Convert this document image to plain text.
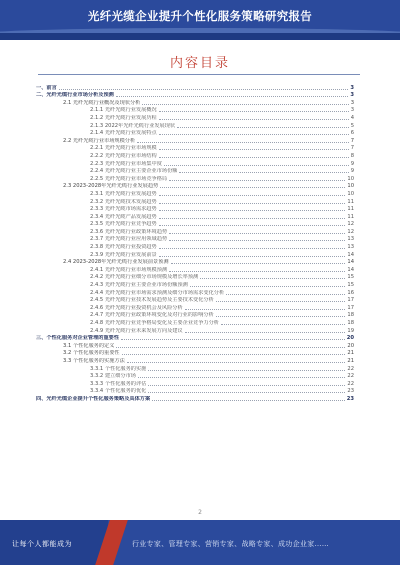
光纤光缆企业提升个性化服务策略研究报告
内容目录
一、前言	3
二、光纤光缆行业市场分析及预测	3
2.1 光纤光缆行业概况及现状分析	3
2.1.1 光纤光缆行业发展概况	3
2.1.2 光纤光缆行业发展历程	4
2.1.3 2022年光纤光缆行业发展现状	5
2.1.4 光纤光缆行业发展特点	6
2.2 光纤光缆行业市场规模分析	7
2.2.1 光纤光缆行业市场规模	7
2.2.2 光纤光缆行业市场结构	8
2.2.3 光纤光缆行业市场集中度	9
2.2.4 光纤光缆行业主要企业市场份额	9
2.2.5 光纤光缆行业市场竞争格局	10
2.3 2023-2028年光纤光缆行业发展趋势	10
2.3.1 光纤光缆行业发展趋势	10
2.3.2 光纤光缆技术发展趋势	11
2.3.3 光纤光缆市场需求趋势	11
2.3.4 光纤光缆产品发展趋势	11
2.3.5 光纤光缆行业竞争趋势	12
2.3.6 光纤光缆行业政策环境趋势	12
2.3.7 光纤光缆行业应用领域趋势	13
2.3.8 光纤光缆行业投资趋势	13
2.3.9 光纤光缆行业发展前景	14
2.4 2023-2028年光纤光缆行业发展前景预测	14
2.4.1 光纤光缆行业市场规模预测	14
2.4.2 光纤光缆行业细分市场规模及增长率预测	15
2.4.3 光纤光缆行业主要企业市场份额预测	15
2.4.4 光纤光缆行业市场需求预测及细分市场需求变化分析	16
2.4.5 光纤光缆行业技术发展趋势及主要技术变化分析	17
2.4.6 光纤光缆行业投资机会及风险分析	17
2.4.7 光纤光缆行业政策环境变化及对行业的影响分析	18
2.4.8 光纤光缆行业竞争格局变化及主要企业竞争力分析	18
2.4.9 光纤光缆行业未来发展方向及建议	19
三、个性化服务对企业管理的重要性	20
3.1 个性化服务的定义	20
3.2 个性化服务的重要性	21
3.3 个性化服务的实施方法	21
3.3.1 个性化服务的实施	22
3.3.2 建立细分市场	22
3.3.3 个性化服务的评估	22
3.3.4 个性化服务的优化	23
四、光纤光缆企业提升个性化服务策略及具体方案	23
2
让每个人都能成为	行业专家、管理专家、营销专家、战略专家、成功企业家……
